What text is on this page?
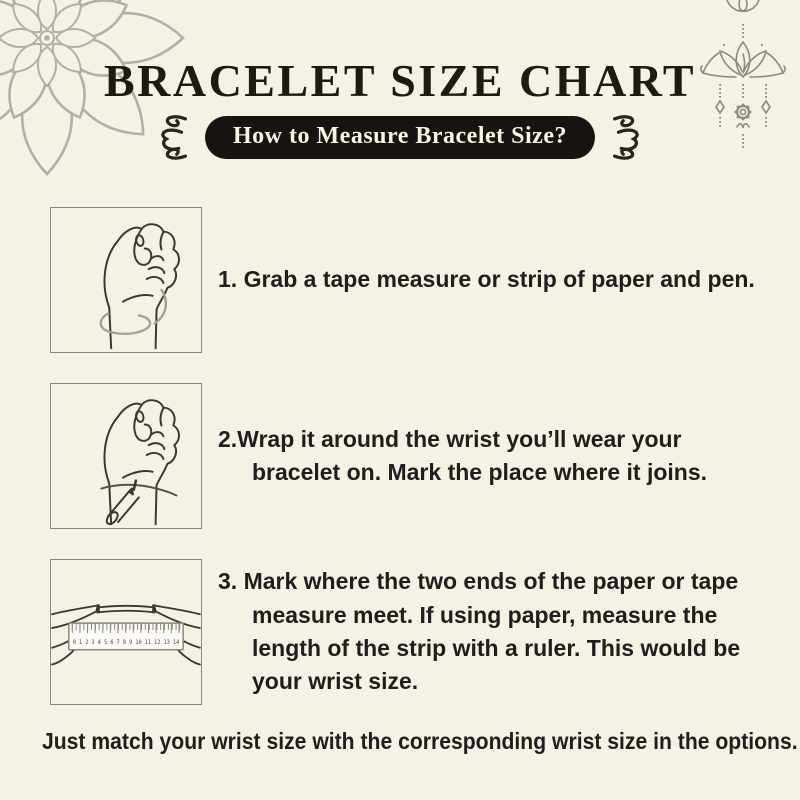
BRACELET SIZE CHART
How to Measure Bracelet Size?

1. Grab a tape measure or strip of paper and pen.

2.Wrap it around the wrist you’ll wear your bracelet on. Mark the place where it joins.

0 1 2 3 4 5 6 7 8 9 10 11 12 13 14

3. Mark where the two ends of the paper or tape measure meet. If using paper, measure the length of the strip with a ruler. This would be your wrist size.

Just match your wrist size with the corresponding wrist size in the options.
